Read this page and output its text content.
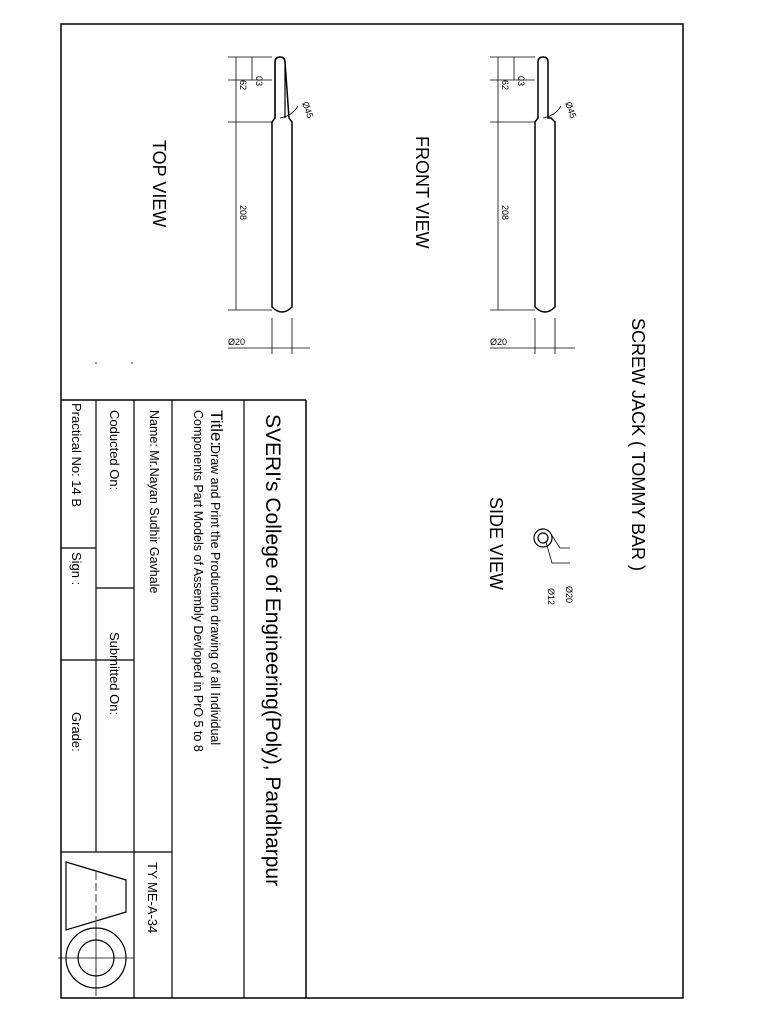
03
62
208
Ø45
Ø20
TOP VIEW
03
62
208
Ø45
Ø20
FRONT VIEW
Ø20
Ø12
SIDE VIEW	SCREW JACK ( TOMMY BAR )
SVERI's College of Engineering(Poly), Pandharpur
Title:
Draw and Print the Production drawing of all Individual
Components Part Models of Assembly Devloped in PrO 5 to 8
Name: Mr.Nayan Sudhir Gavhale
TY ME-A-34
Coducted On:
Submitted On:
Practical No: 14 B
Sign :
Grade:
